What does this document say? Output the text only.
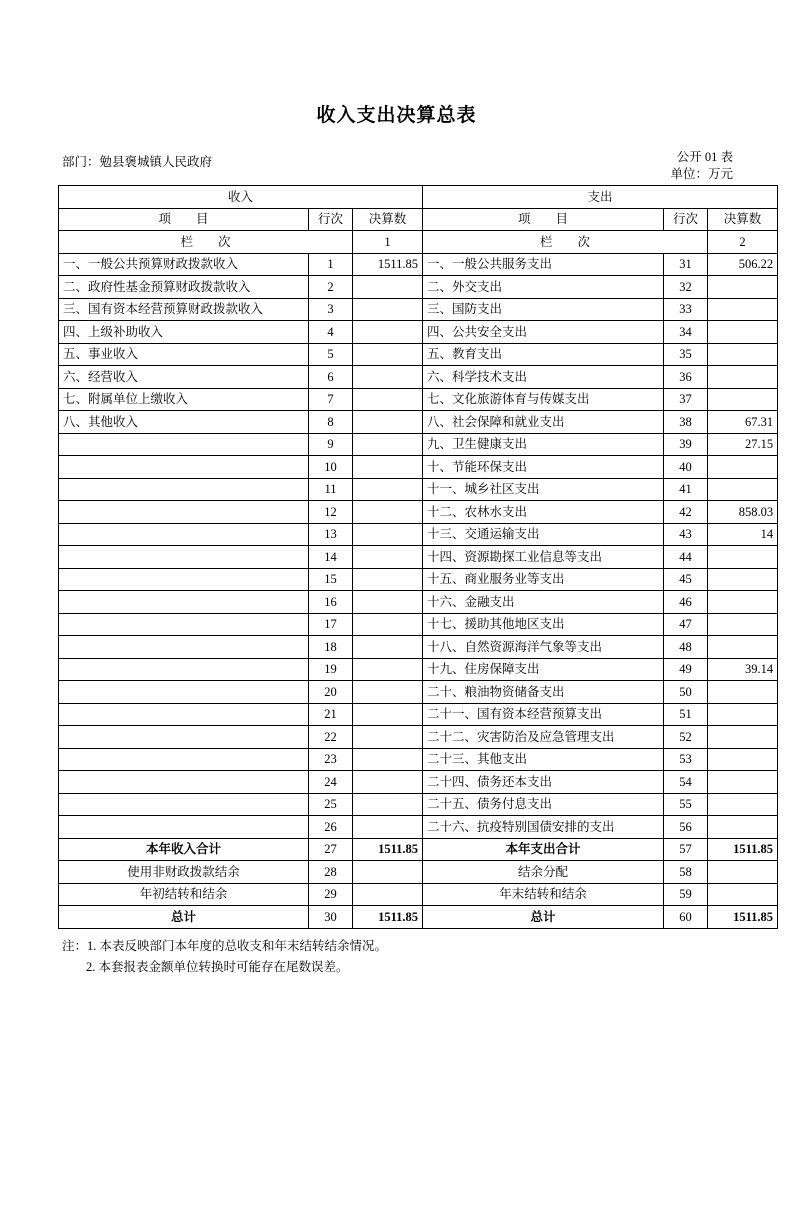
收入支出决算总表
部门：勉县褒城镇人民政府	公开 01 表
单位：万元
收入			支出		
项　　目	行次	决算数	项　　目	行次	决算数
栏　　次		1	栏　　次		2
一、一般公共预算财政拨款收入	1	1511.85	一、一般公共服务支出	31	506.22
二、政府性基金预算财政拨款收入	2		二、外交支出	32	
三、国有资本经营预算财政拨款收入	3		三、国防支出	33	
四、上级补助收入	4		四、公共安全支出	34	
五、事业收入	5		五、教育支出	35	
六、经营收入	6		六、科学技术支出	36	
七、附属单位上缴收入	7		七、文化旅游体育与传媒支出	37	
八、其他收入	8		八、社会保障和就业支出	38	67.31
	9		九、卫生健康支出	39	27.15
	10		十、节能环保支出	40	
	11		十一、城乡社区支出	41	
	12		十二、农林水支出	42	858.03
	13		十三、交通运输支出	43	14
	14		十四、资源勘探工业信息等支出	44	
	15		十五、商业服务业等支出	45	
	16		十六、金融支出	46	
	17		十七、援助其他地区支出	47	
	18		十八、自然资源海洋气象等支出	48	
	19		十九、住房保障支出	49	39.14
	20		二十、粮油物资储备支出	50	
	21		二十一、国有资本经营预算支出	51	
	22		二十二、灾害防治及应急管理支出	52	
	23		二十三、其他支出	53	
	24		二十四、债务还本支出	54	
	25		二十五、债务付息支出	55	
	26		二十六、抗疫特别国债安排的支出	56	
本年收入合计	27	1511.85	本年支出合计	57	1511.85
使用非财政拨款结余	28		结余分配	58	
年初结转和结余	29		年末结转和结余	59	
总计	30	1511.85	总计	60	1511.85
注：1. 本表反映部门本年度的总收支和年末结转结余情况。
2. 本套报表金额单位转换时可能存在尾数误差。
